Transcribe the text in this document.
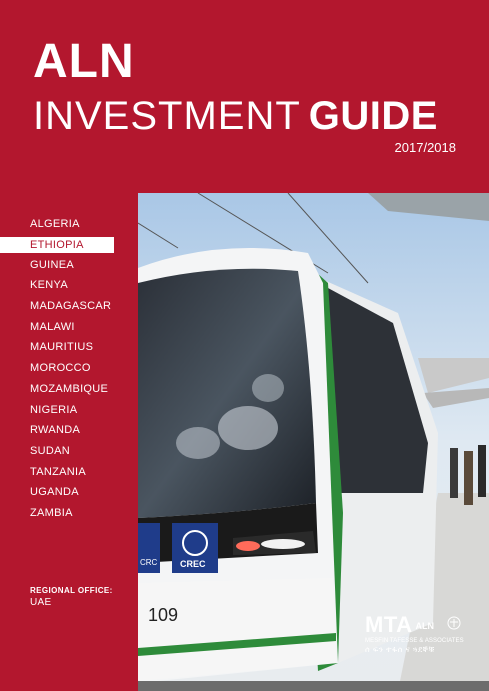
ALN
INVESTMENT GUIDE
2017/2018
ALGERIA
ETHIOPIA
GUINEA
KENYA
MADAGASCAR
MALAWI
MAURITIUS
MOROCCO
MOZAMBIQUE
NIGERIA
RWANDA
SUDAN
TANZANIA
UGANDA
ZAMBIA
REGIONAL OFFICE:
UAE
CRC	CREC
109	MTA ALN
MESFIN TAFESSE & ASSOCIATES
ሰ ፍን ተፋሰ ና ጓደኞቹ
